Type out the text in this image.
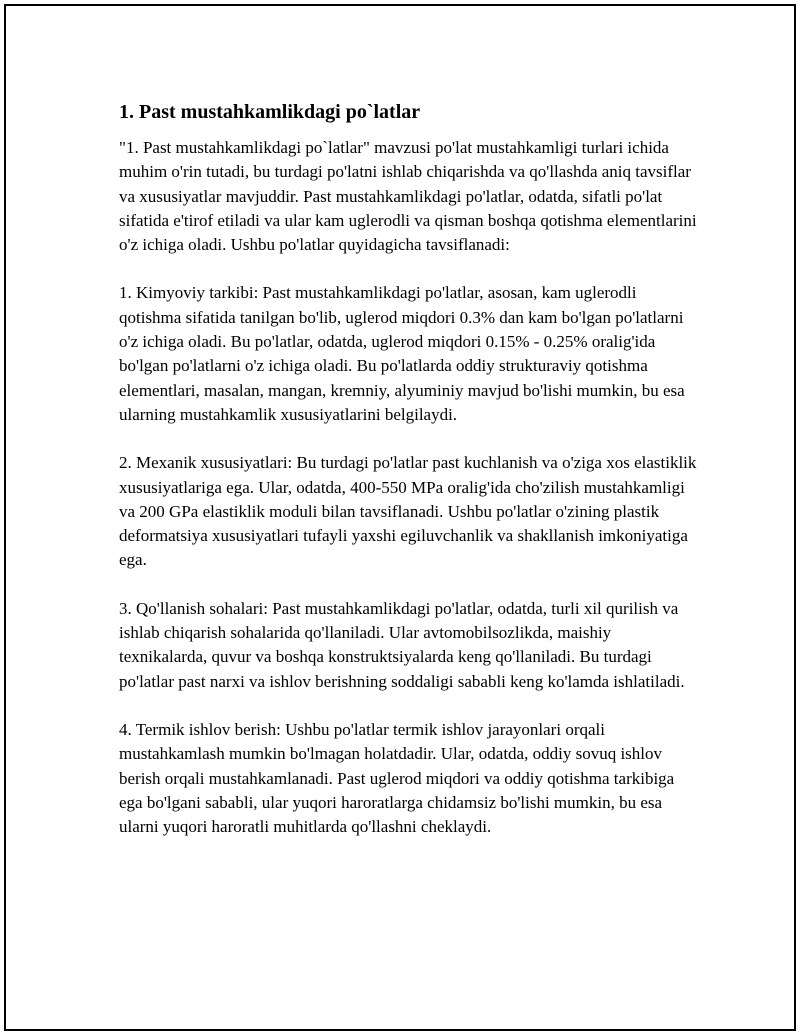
1. Past mustahkamlikdagi po`latlar

"1. Past mustahkamlikdagi po`latlar" mavzusi po'lat mustahkamligi turlari ichida muhim o'rin tutadi, bu turdagi po'latni ishlab chiqarishda va qo'llashda aniq tavsiflar va xususiyatlar mavjuddir. Past mustahkamlikdagi po'latlar, odatda, sifatli po'lat sifatida e'tirof etiladi va ular kam uglerodli va qisman boshqa qotishma elementlarini o'z ichiga oladi. Ushbu po'latlar quyidagicha tavsiflanadi:

1. Kimyoviy tarkibi: Past mustahkamlikdagi po'latlar, asosan, kam uglerodli qotishma sifatida tanilgan bo'lib, uglerod miqdori 0.3% dan kam bo'lgan po'latlarni o'z ichiga oladi. Bu po'latlar, odatda, uglerod miqdori 0.15% - 0.25% oralig'ida bo'lgan po'latlarni o'z ichiga oladi. Bu po'latlarda oddiy strukturaviy qotishma elementlari, masalan, mangan, kremniy, alyuminiy mavjud bo'lishi mumkin, bu esa ularning mustahkamlik xususiyatlarini belgilaydi.

2. Mexanik xususiyatlari: Bu turdagi po'latlar past kuchlanish va o'ziga xos elastiklik xususiyatlariga ega. Ular, odatda, 400-550 MPa oralig'ida cho'zilish mustahkamligi va 200 GPa elastiklik moduli bilan tavsiflanadi. Ushbu po'latlar o'zining plastik deformatsiya xususiyatlari tufayli yaxshi egiluvchanlik va shakllanish imkoniyatiga ega.

3. Qo'llanish sohalari: Past mustahkamlikdagi po'latlar, odatda, turli xil qurilish va ishlab chiqarish sohalarida qo'llaniladi. Ular avtomobilsozlikda, maishiy texnikalarda, quvur va boshqa konstruktsiyalarda keng qo'llaniladi. Bu turdagi po'latlar past narxi va ishlov berishning soddaligi sababli keng ko'lamda ishlatiladi.

4. Termik ishlov berish: Ushbu po'latlar termik ishlov jarayonlari orqali mustahkamlash mumkin bo'lmagan holatdadir. Ular, odatda, oddiy sovuq ishlov berish orqali mustahkamlanadi. Past uglerod miqdori va oddiy qotishma tarkibiga ega bo'lgani sababli, ular yuqori haroratlarga chidamsiz bo'lishi mumkin, bu esa ularni yuqori haroratli muhitlarda qo'llashni cheklaydi.
